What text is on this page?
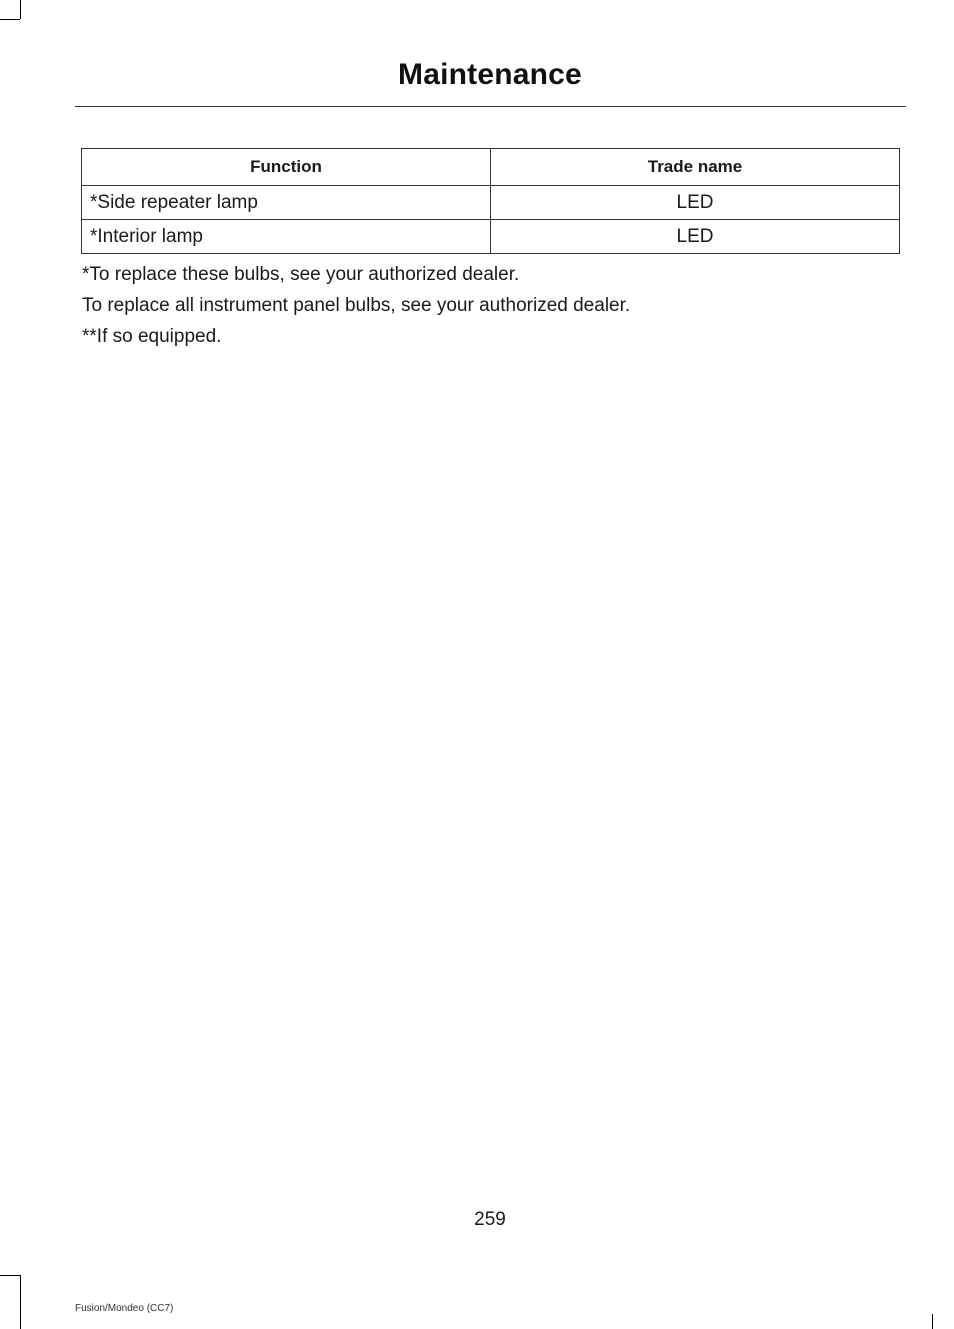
Maintenance
Function	Trade name
*Side repeater lamp	LED
*Interior lamp	LED
*To replace these bulbs, see your authorized dealer.
To replace all instrument panel bulbs, see your authorized dealer.
**If so equipped.
259
Fusion/Mondeo (CC7)
